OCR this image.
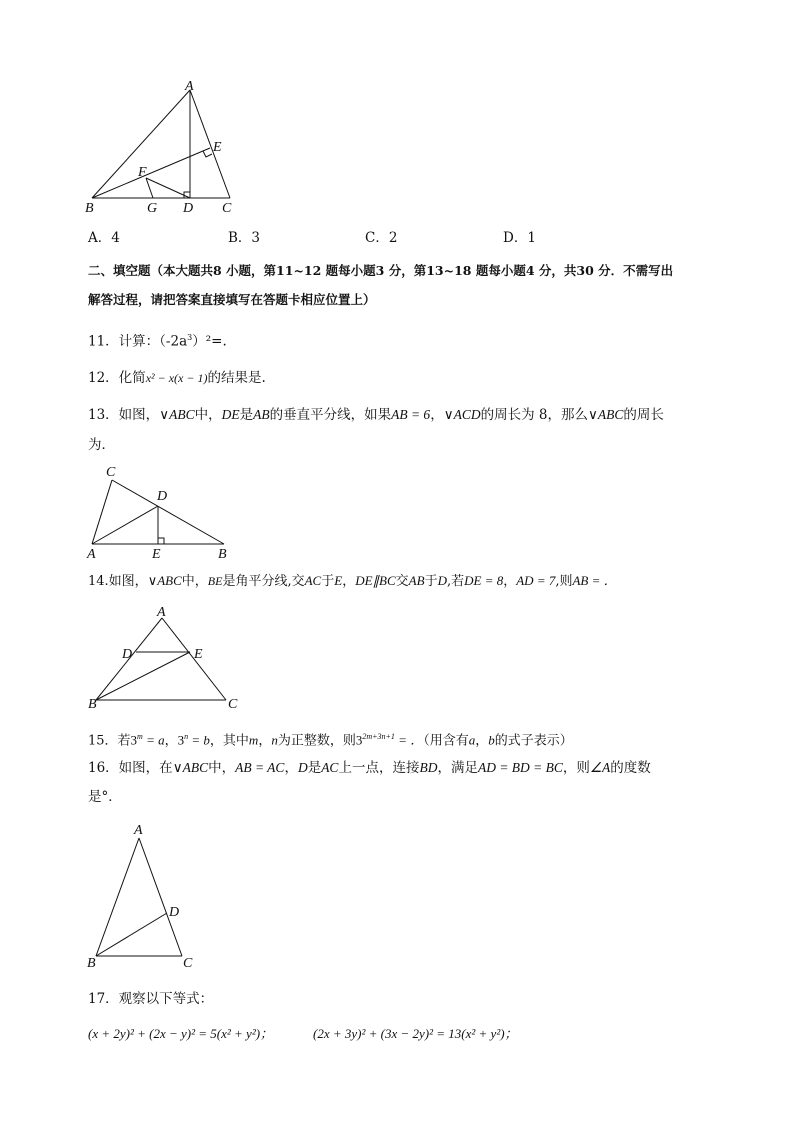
A
E
F
B	G D C
A．4	B．3	C．2	D．1
二、填空题（本大题共8 小题，第11~12 题每小题3 分，第13~18 题每小题4 分，共30 分．不需写出
解答过程，请把答案直接填写在答题卡相应位置上）
11．计算：$(-2a^3)^2=$.
12．化简x² − x(x − 1)的结果是.
13．如图，∨ABC中，DE是AB的垂直平分线，如果AB = 6，∨ACD的周长为 8，那么∨ABC的周长
为．
C
D
A	E	B
14.如图，∨ABC中，BE是角平分线,交AC于E，DE∥BC交AB于D,若DE = 8，AD = 7,则AB = ．
A
D	E
B	C
15．若$3^m = a$，$3^n = b$，其中m，n为正整数，则$3^{2m+3n+1}$ = ．（用含有a，b的式子表示）
16．如图，在∨ABC中，AB = AC，D是AC上一点，连接BD，满足AD = BD = BC，则∠A的度数
是°．
A
D
B	C
17．观察以下等式：
(x + 2y)² + (2x − y)² = 5(x² + y²)；	(2x + 3y)² + (3x − 2y)² = 13(x² + y²)；
